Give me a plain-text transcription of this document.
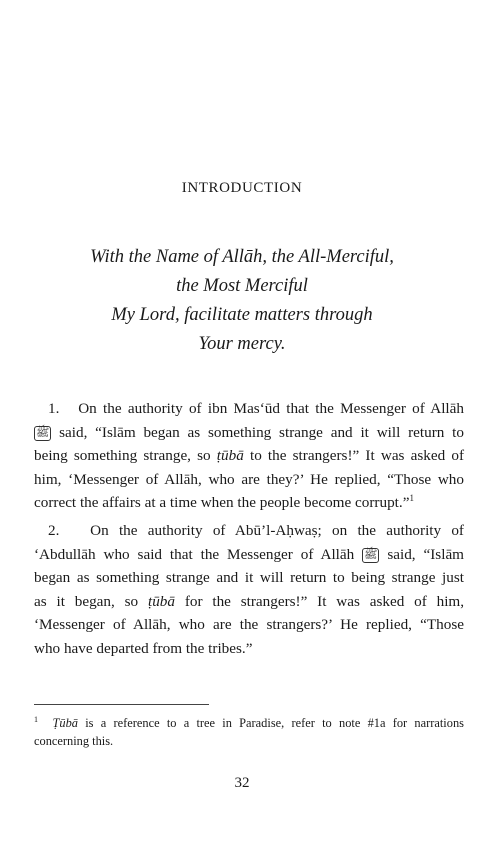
INTRODUCTION
With the Name of Allāh, the All-Merciful,
the Most Merciful
My Lord, facilitate matters through
Your mercy.
1. On the authority of ibn Mas‘ūd that the Messenger of Allāh
ﷺ said, “Islām began as something strange and it will return to
being something strange, so ṭūbā to the strangers!” It was asked of
him, ‘Messenger of Allāh, who are they?’ He replied, “Those who
correct the affairs at a time when the people become corrupt.”$^1$
2. On the authority of Abū’l-Aḥwaṣ; on the authority of
‘Abdullāh who said that the Messenger of Allāh ﷺ said, “Islām
began as something strange and it will return to being strange just
as it began, so ṭūbā for the strangers!” It was asked of him,
‘Messenger of Allāh, who are the strangers?’ He replied, “Those
who have departed from the tribes.”
$^1$ Ṭūbā is a reference to a tree in Paradise, refer to note #1a for narrations
concerning this.
32
